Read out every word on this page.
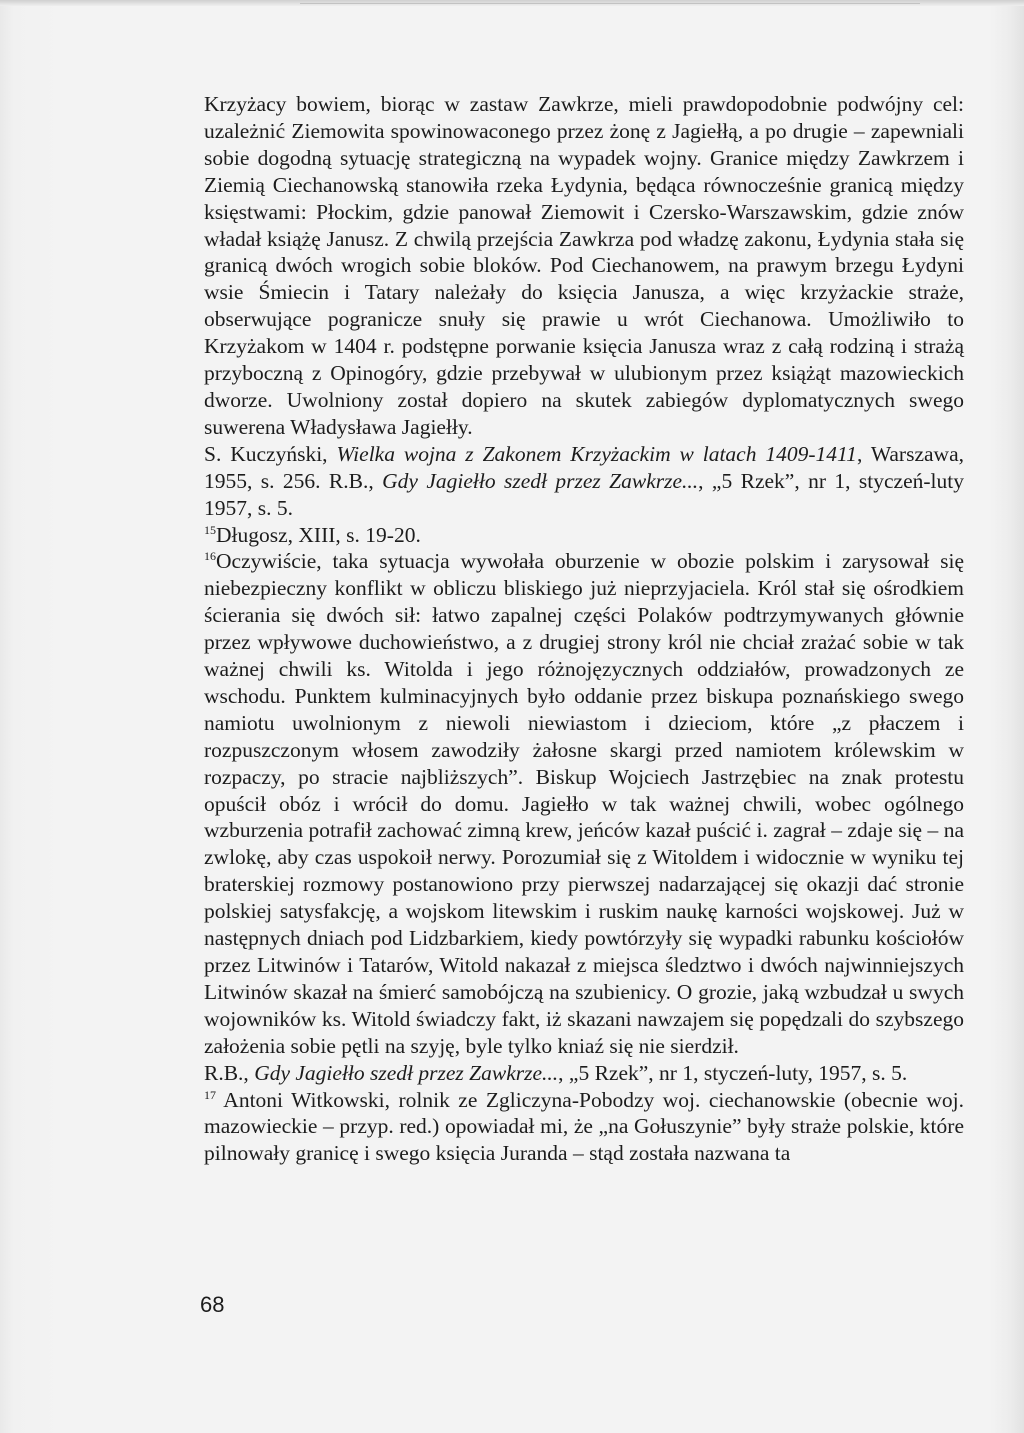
Krzyżacy bowiem, biorąc w zastaw Zawkrze, mieli prawdopodobnie podwójny cel: uzależnić Ziemowita spowinowaconego przez żonę z Jagiełłą, a po drugie – zapewniali sobie dogodną sytuację strategiczną na wypadek wojny. Granice między Zawkrzem i Ziemią Ciechanowską stanowiła rzeka Łydynia, będąca równocześnie granicą między księstwami: Płockim, gdzie panował Ziemowit i Czersko-Warszawskim, gdzie znów władał książę Janusz. Z chwilą przejścia Zawkrza pod władzę zakonu, Łydynia stała się granicą dwóch wrogich sobie bloków. Pod Ciechanowem, na prawym brzegu Łydyni wsie Śmiecin i Tatary należały do księcia Janusza, a więc krzyżackie straże, obserwujące pogranicze snuły się prawie u wrót Ciechanowa. Umożliwiło to Krzyżakom w 1404 r. podstępne porwanie księcia Janusza wraz z całą rodziną i strażą przyboczną z Opinogóry, gdzie przebywał w ulubionym przez książąt mazowieckich dworze. Uwolniony został dopiero na skutek zabiegów dyplomatycznych swego suwerena Władysława Jagiełły.

S. Kuczyński, Wielka wojna z Zakonem Krzyżackim w latach 1409-1411, Warszawa, 1955, s. 256. R.B., Gdy Jagiełło szedł przez Zawkrze..., „5 Rzek”, nr 1, styczeń-luty 1957, s. 5.

$^{15}$Długosz, XIII, s. 19-20.

$^{16}$Oczywiście, taka sytuacja wywołała oburzenie w obozie polskim i zarysował się niebezpieczny konflikt w obliczu bliskiego już nieprzyjaciela. Król stał się ośrodkiem ścierania się dwóch sił: łatwo zapalnej części Polaków podtrzymywanych głównie przez wpływowe duchowieństwo, a z drugiej strony król nie chciał zrażać sobie w tak ważnej chwili ks. Witolda i jego różnojęzycznych oddziałów, prowadzonych ze wschodu. Punktem kulminacyjnych było oddanie przez biskupa poznańskiego swego namiotu uwolnionym z niewoli niewiastom i dzieciom, które „z płaczem i rozpuszczonym włosem zawodziły żałosne skargi przed namiotem królewskim w rozpaczy, po stracie najbliższych”. Biskup Wojciech Jastrzębiec na znak protestu opuścił obóz i wrócił do domu. Jagiełło w tak ważnej chwili, wobec ogólnego wzburzenia potrafił zachować zimną krew, jeńców kazał puścić i. zagrał – zdaje się – na zwlokę, aby czas uspokoił nerwy. Porozumiał się z Witoldem i widocznie w wyniku tej braterskiej rozmowy postanowiono przy pierwszej nadarzającej się okazji dać stronie polskiej satysfakcję, a wojskom litewskim i ruskim naukę karności wojskowej. Już w następnych dniach pod Lidzbarkiem, kiedy powtórzyły się wypadki rabunku kościołów przez Litwinów i Tatarów, Witold nakazał z miejsca śledztwo i dwóch najwinniejszych Litwinów skazał na śmierć samobójczą na szubienicy. O grozie, jaką wzbudzał u swych wojowników ks. Witold świadczy fakt, iż skazani nawzajem się popędzali do szybszego założenia sobie pętli na szyję, byle tylko kniaź się nie sierdził.

R.B., Gdy Jagiełło szedł przez Zawkrze..., „5 Rzek”, nr 1, styczeń-luty, 1957, s. 5.

$^{17}$ Antoni Witkowski, rolnik ze Zgliczyna-Pobodzy woj. ciechanowskie (obecnie woj. mazowieckie – przyp. red.) opowiadał mi, że „na Gołuszynie” były straże polskie, które pilnowały granicę i swego księcia Juranda – stąd została nazwana ta

68
